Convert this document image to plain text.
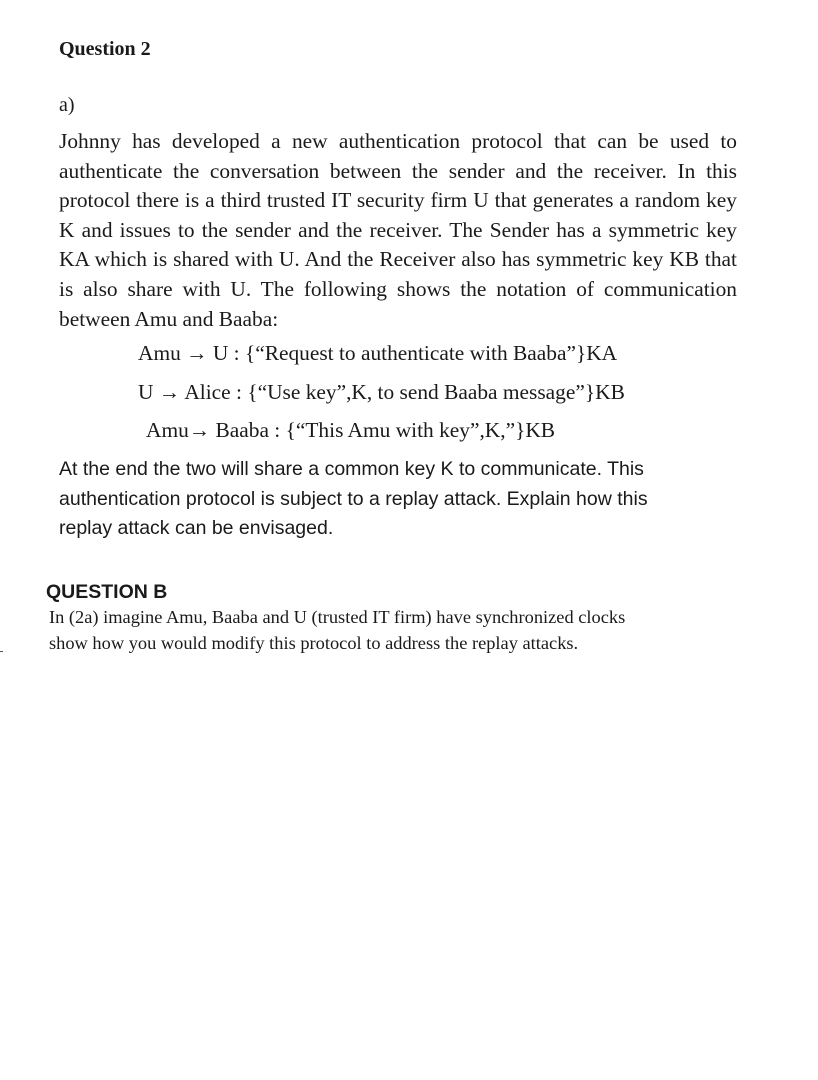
Question 2

a)

Johnny has developed a new authentication protocol that can be used to authenticate the conversation between the sender and the receiver. In this protocol there is a third trusted IT security firm U that generates a random key K and issues to the sender and the receiver. The Sender has a symmetric key KA which is shared with U. And the Receiver also has symmetric key KB that is also share with U. The following shows the notation of communication between Amu and Baaba:

Amu → U : {“Request to authenticate with Baaba”}KA

U → Alice : {“Use key”,K, to send Baaba message”}KB

Amu→ Baaba : {“This Amu with key”,K,”}KB

At the end the two will share a common key K to communicate. This
authentication protocol is subject to a replay attack. Explain how this
replay attack can be envisaged.

QUESTION B

In (2a) imagine Amu, Baaba and U (trusted IT firm) have synchronized clocks
show how you would modify this protocol to address the replay attacks.
